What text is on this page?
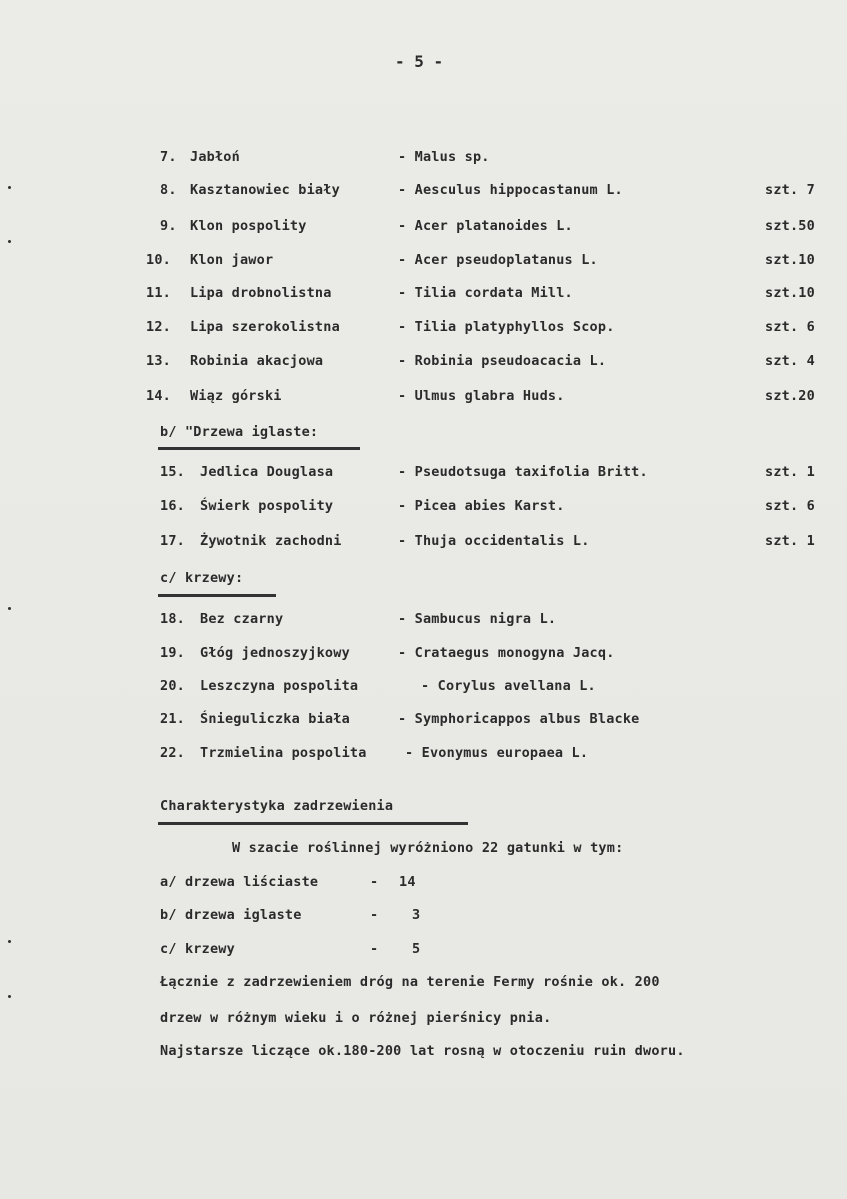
- 5 -
7. Jabłoń	- Malus sp.
8. Kasztanowiec biały	- Aesculus hippocastanum L.	szt. 7
9. Klon pospolity	- Acer platanoides L.	szt.50
10. Klon jawor	- Acer pseudoplatanus L.	szt.10
11. Lipa drobnolistna	- Tilia cordata Mill.	szt.10
12. Lipa szerokolistna	- Tilia platyphyllos Scop.	szt. 6
13. Robinia akacjowa	- Robinia pseudoacacia L.	szt. 4
14. Wiąz górski	- Ulmus glabra Huds.	szt.20
b/ "Drzewa iglaste:
15. Jedlica Douglasa	- Pseudotsuga taxifolia Britt.	szt. 1
16. Świerk pospolity	- Picea abies Karst.	szt. 6
17. Żywotnik zachodni	- Thuja occidentalis L.	szt. 1
c/ krzewy:
18. Bez czarny	- Sambucus nigra L.
19. Głóg jednoszyjkowy	- Crataegus monogyna Jacq.
20. Leszczyna pospolita	- Corylus avellana L.
21. Śnieguliczka biała	- Symphoricappos albus Blacke
22. Trzmielina pospolita	- Evonymus europaea L.
Charakterystyka zadrzewienia
W szacie roślinnej wyróżniono 22 gatunki w tym:
a/ drzewa liściaste	- 14
b/ drzewa iglaste	- 3
c/ krzewy	- 5
Łącznie z zadrzewieniem dróg na terenie Fermy rośnie ok. 200
drzew w różnym wieku i o różnej pierśnicy pnia.
Najstarsze liczące ok.180-200 lat rosną w otoczeniu ruin dworu.
